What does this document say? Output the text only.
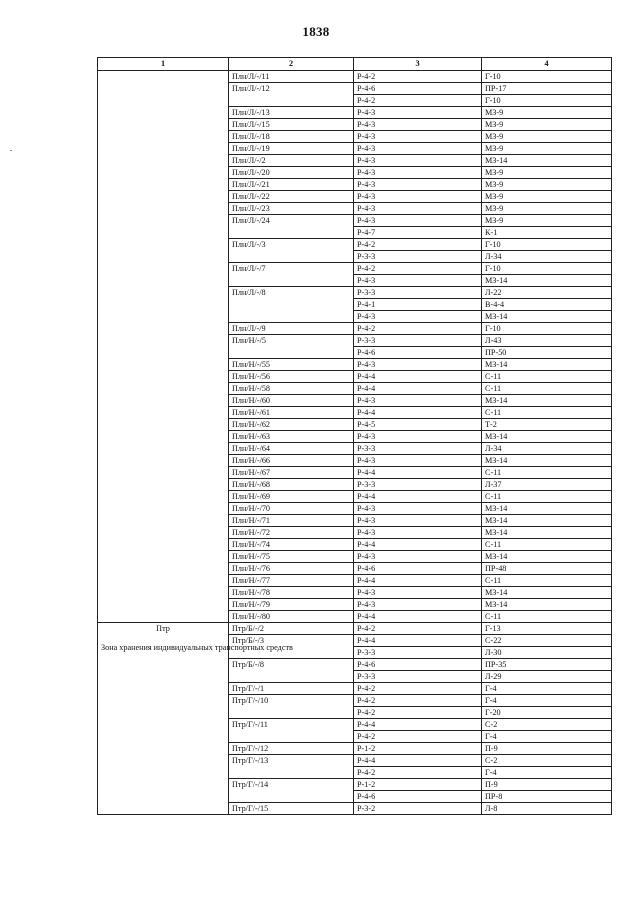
1838
1	2	3	4

	Плн/Л/-/11	Р-4-2	Г-10
	Плн/Л/-/12	Р-4-6	ПР-17
		Р-4-2	Г-10
	Плн/Л/-/13	Р-4-3	МЗ-9
	Плн/Л/-/15	Р-4-3	МЗ-9
	Плн/Л/-/18	Р-4-3	МЗ-9
	Плн/Л/-/19	Р-4-3	МЗ-9
	Плн/Л/-/2	Р-4-3	МЗ-14
	Плн/Л/-/20	Р-4-3	МЗ-9
	Плн/Л/-/21	Р-4-3	МЗ-9
	Плн/Л/-/22	Р-4-3	МЗ-9
	Плн/Л/-/23	Р-4-3	МЗ-9
	Плн/Л/-/24	Р-4-3	МЗ-9
		Р-4-7	К-1
	Плн/Л/-/3	Р-4-2	Г-10
		Р-3-3	Л-34
	Плн/Л/-/7	Р-4-2	Г-10
		Р-4-3	МЗ-14
	Плн/Л/-/8	Р-3-3	Л-22
		Р-4-1	В-4-4
		Р-4-3	МЗ-14
	Плн/Л/-/9	Р-4-2	Г-10
	Плн/Н/-/5	Р-3-3	Л-43
		Р-4-6	ПР-50
	Плн/Н/-/55	Р-4-3	МЗ-14
	Плн/Н/-/56	Р-4-4	С-11
	Плн/Н/-/58	Р-4-4	С-11
	Плн/Н/-/60	Р-4-3	МЗ-14
	Плн/Н/-/61	Р-4-4	С-11
	Плн/Н/-/62	Р-4-5	Т-2
	Плн/Н/-/63	Р-4-3	МЗ-14
	Плн/Н/-/64	Р-3-3	Л-34
	Плн/Н/-/66	Р-4-3	МЗ-14
	Плн/Н/-/67	Р-4-4	С-11
	Плн/Н/-/68	Р-3-3	Л-37
	Плн/Н/-/69	Р-4-4	С-11
	Плн/Н/-/70	Р-4-3	МЗ-14
	Плн/Н/-/71	Р-4-3	МЗ-14
	Плн/Н/-/72	Р-4-3	МЗ-14
	Плн/Н/-/74	Р-4-4	С-11
	Плн/Н/-/75	Р-4-3	МЗ-14
	Плн/Н/-/76	Р-4-6	ПР-48
	Плн/Н/-/77	Р-4-4	С-11
	Плн/Н/-/78	Р-4-3	МЗ-14
	Плн/Н/-/79	Р-4-3	МЗ-14
	Плн/Н/-/80	Р-4-4	С-11

Птр
Зона хранения индивидуальных транспортных средств	Птр/Б/-/2	Р-4-2	Г-13
	Птр/Б/-/3	Р-4-4	С-22
		Р-3-3	Л-30
	Птр/Б/-/8	Р-4-6	ПР-35
		Р-3-3	Л-29
	Птр/Г/-/1	Р-4-2	Г-4
	Птр/Г/-/10	Р-4-2	Г-4
		Р-4-2	Г-20
	Птр/Г/-/11	Р-4-4	С-2
		Р-4-2	Г-4
	Птр/Г/-/12	Р-1-2	П-9
	Птр/Г/-/13	Р-4-4	С-2
		Р-4-2	Г-4
	Птр/Г/-/14	Р-1-2	П-9
		Р-4-6	ПР-8
	Птр/Г/-/15	Р-3-2	Л-8
